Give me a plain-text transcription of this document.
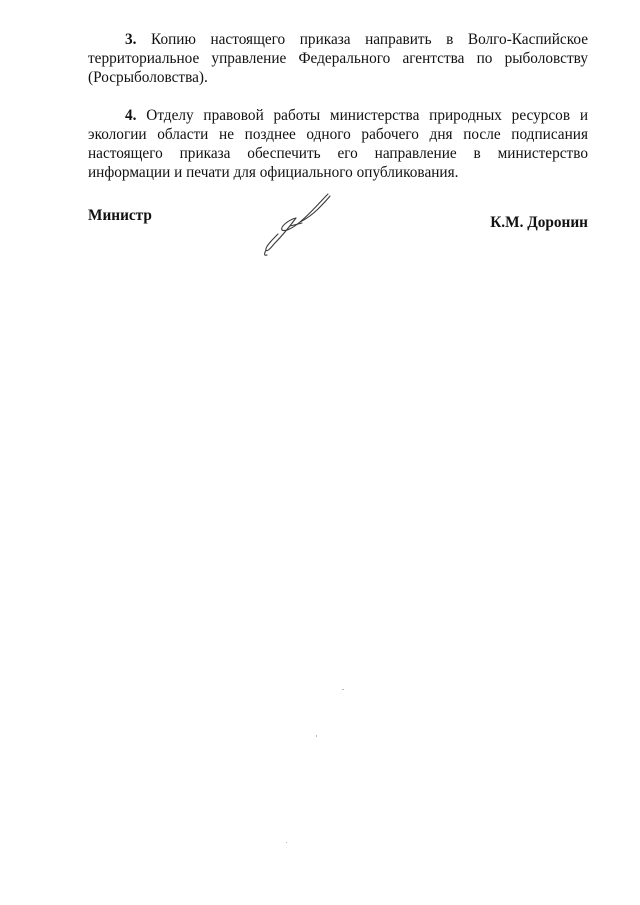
3. Копию настоящего приказа направить в Волго-Каспийское территориальное управление Федерального агентства по рыболовству (Росрыболовства).

4. Отделу правовой работы министерства природных ресурсов и экологии области не позднее одного рабочего дня после подписания настоящего приказа обеспечить его направление в министерство информации и печати для официального опубликования.

Министр	К.М. Доронин
